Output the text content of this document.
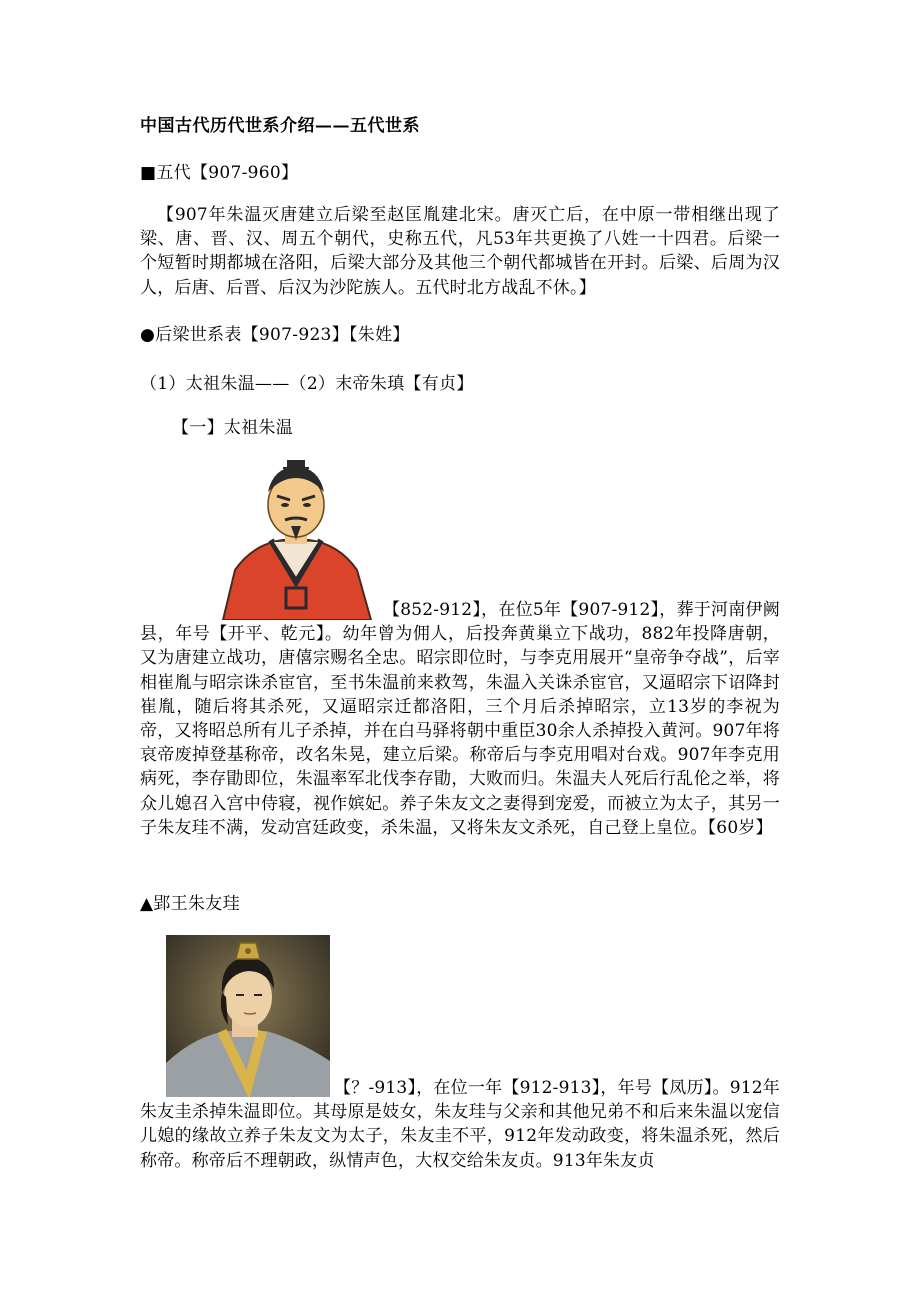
中国古代历代世系介绍——五代世系
■五代【907-960】
【907年朱温灭唐建立后梁至赵匡胤建北宋。唐灭亡后，在中原一带相继出现了梁、唐、晋、汉、周五个朝代，史称五代，凡53年共更换了八姓一十四君。后梁一个短暂时期都城在洛阳，后梁大部分及其他三个朝代都城皆在开封。后梁、后周为汉人，后唐、后晋、后汉为沙陀族人。五代时北方战乱不休。】
●后梁世系表【907-923】【朱姓】
（1）太祖朱温——（2）末帝朱瑱【有贞】
【一】太祖朱温
【852-912】，在位5年【907-912】，葬于河南伊阙县，年号【开平、乾元】。幼年曾为佣人，后投奔黄巢立下战功，882年投降唐朝，又为唐建立战功，唐僖宗赐名全忠。昭宗即位时，与李克用展开“皇帝争夺战”，后宰相崔胤与昭宗诛杀宦官，至书朱温前来救驾，朱温入关诛杀宦官，又逼昭宗下诏降封崔胤，随后将其杀死，又逼昭宗迁都洛阳，三个月后杀掉昭宗，立13岁的李祝为帝，又将昭总所有儿子杀掉，并在白马驿将朝中重臣30余人杀掉投入黄河。907年将哀帝废掉登基称帝，改名朱晃，建立后梁。称帝后与李克用唱对台戏。907年李克用病死，李存勖即位，朱温率军北伐李存勖，大败而归。朱温夫人死后行乱伦之举，将众儿媳召入宫中侍寝，视作嫔妃。养子朱友文之妻得到宠爱，而被立为太子，其另一子朱友珪不满，发动宫廷政变，杀朱温，又将朱友文杀死，自己登上皇位。【60岁】
▲郢王朱友珪
【？-913】，在位一年【912-913】，年号【凤历】。912年朱友圭杀掉朱温即位。其母原是妓女，朱友珪与父亲和其他兄弟不和后来朱温以宠信儿媳的缘故立养子朱友文为太子，朱友圭不平，912年发动政变，将朱温杀死，然后称帝。称帝后不理朝政，纵情声色，大权交给朱友贞。913年朱友贞
